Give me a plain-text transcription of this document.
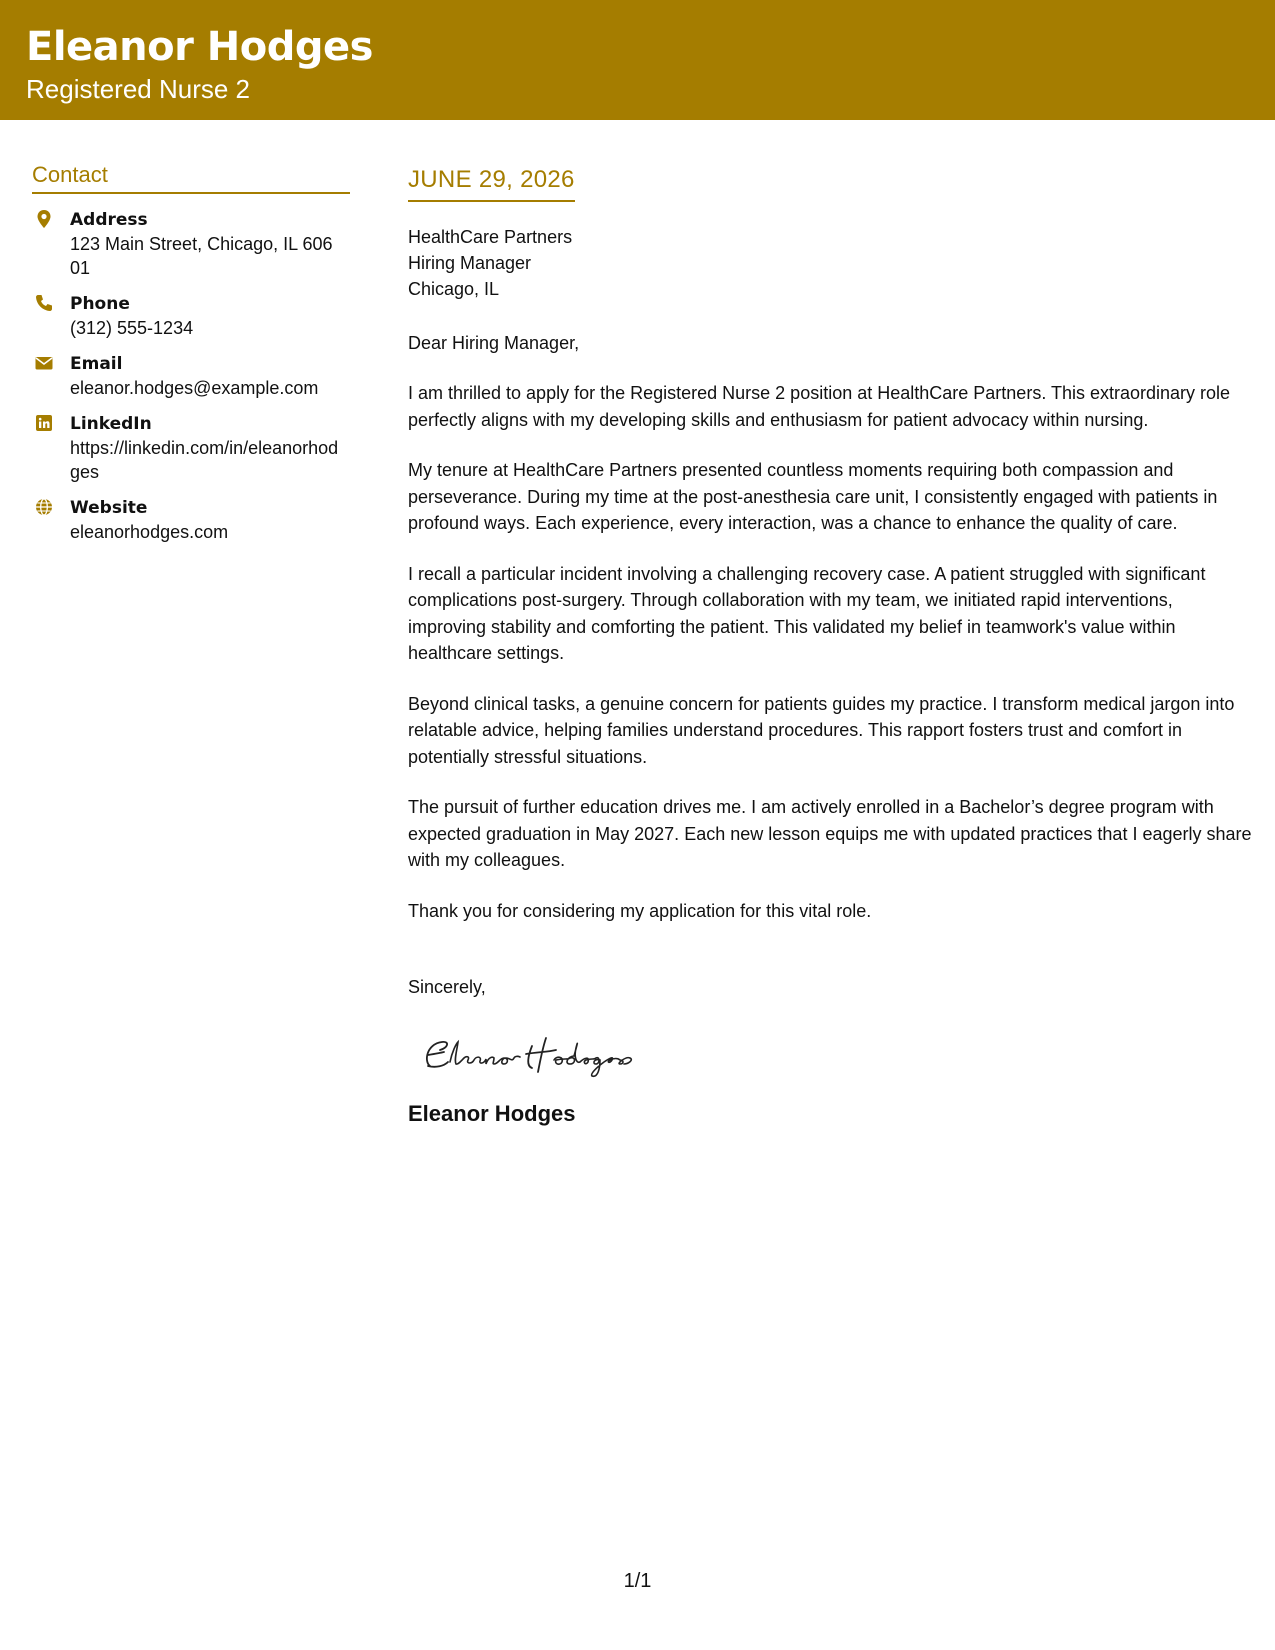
Eleanor Hodges
Registered Nurse 2
Contact
Address
123 Main Street, Chicago, IL 60601
Phone
(312) 555-1234
Email
eleanor.hodges@example.com
LinkedIn
https://linkedin.com/in/eleanorhodges
Website
eleanorhodges.com
JUNE 29, 2026
HealthCare Partners
Hiring Manager
Chicago, IL
Dear Hiring Manager,
I am thrilled to apply for the Registered Nurse 2 position at HealthCare Partners. This extraordinary role perfectly aligns with my developing skills and enthusiasm for patient advocacy within nursing.
My tenure at HealthCare Partners presented countless moments requiring both compassion and perseverance. During my time at the post-anesthesia care unit, I consistently engaged with patients in profound ways. Each experience, every interaction, was a chance to enhance the quality of care.
I recall a particular incident involving a challenging recovery case. A patient struggled with significant complications post-surgery. Through collaboration with my team, we initiated rapid interventions, improving stability and comforting the patient. This validated my belief in teamwork's value within healthcare settings.
Beyond clinical tasks, a genuine concern for patients guides my practice. I transform medical jargon into relatable advice, helping families understand procedures. This rapport fosters trust and comfort in potentially stressful situations.
The pursuit of further education drives me. I am actively enrolled in a Bachelor’s degree program with expected graduation in May 2027. Each new lesson equips me with updated practices that I eagerly share with my colleagues.
Thank you for considering my application for this vital role.
Sincerely,
Eleanor Hodges
1/1
